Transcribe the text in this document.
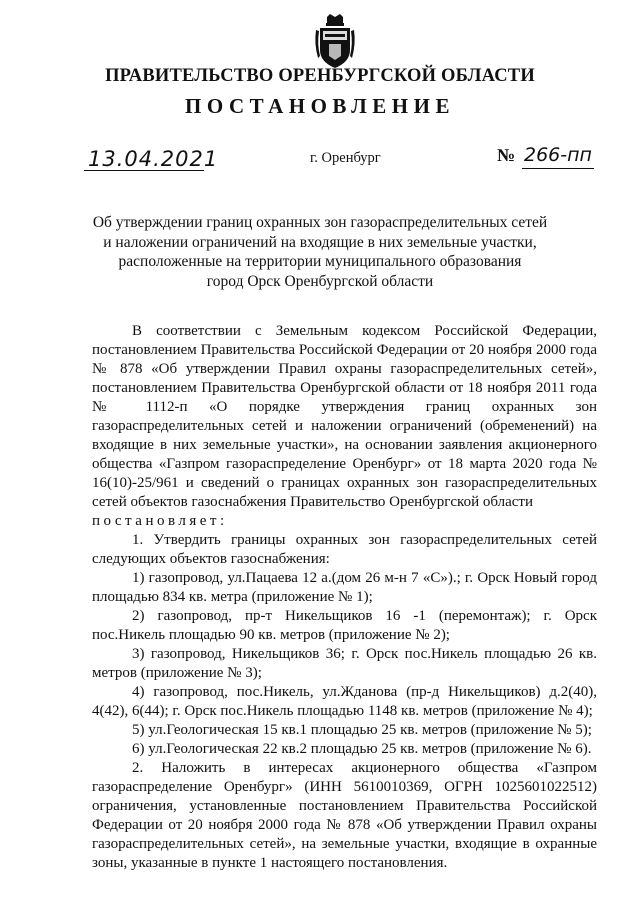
ПРАВИТЕЛЬСТВО ОРЕНБУРГСКОЙ ОБЛАСТИ
ПОСТАНОВЛЕНИЕ
13.04.2021	г. Оренбург	№ 266-пп
Об утверждении границ охранных зон газораспределительных сетей
и наложении ограничений на входящие в них земельные участки,
расположенные на территории муниципального образования
город Орск Оренбургской области

В соответствии с Земельным кодексом Российской Федерации, постановлением Правительства Российской Федерации от 20 ноября 2000 года № 878 «Об утверждении Правил охраны газораспределительных сетей», постановлением Правительства Оренбургской области от 18 ноября 2011 года № 1112-п «О порядке утверждения границ охранных зон газораспределительных сетей и наложении ограничений (обременений) на входящие в них земельные участки», на основании заявления акционерного общества «Газпром газораспределение Оренбург» от 18 марта 2020 года № 16(10)-25/961 и сведений о границах охранных зон газораспределительных сетей объектов газоснабжения Правительство Оренбургской области

постановляет:

1. Утвердить границы охранных зон газораспределительных сетей следующих объектов газоснабжения:

1) газопровод, ул.Пацаева 12 а.(дом 26 м-н 7 «С»).; г. Орск Новый город площадью 834 кв. метра (приложение № 1);

2) газопровод, пр-т Никельщиков 16 -1 (перемонтаж); г. Орск пос.Никель площадью 90 кв. метров (приложение № 2);

3) газопровод, Никельщиков 36; г. Орск пос.Никель площадью 26 кв. метров (приложение № 3);

4) газопровод, пос.Никель, ул.Жданова (пр-д Никельщиков) д.2(40), 4(42), 6(44); г. Орск пос.Никель площадью 1148 кв. метров (приложение № 4);

5) ул.Геологическая 15 кв.1 площадью 25 кв. метров (приложение № 5);

6) ул.Геологическая 22 кв.2 площадью 25 кв. метров (приложение № 6).

2. Наложить в интересах акционерного общества «Газпром газораспределение Оренбург» (ИНН 5610010369, ОГРН 1025601022512) ограничения, установленные постановлением Правительства Российской Федерации от 20 ноября 2000 года № 878 «Об утверждении Правил охраны газораспределительных сетей», на земельные участки, входящие в охранные зоны, указанные в пункте 1 настоящего постановления.
